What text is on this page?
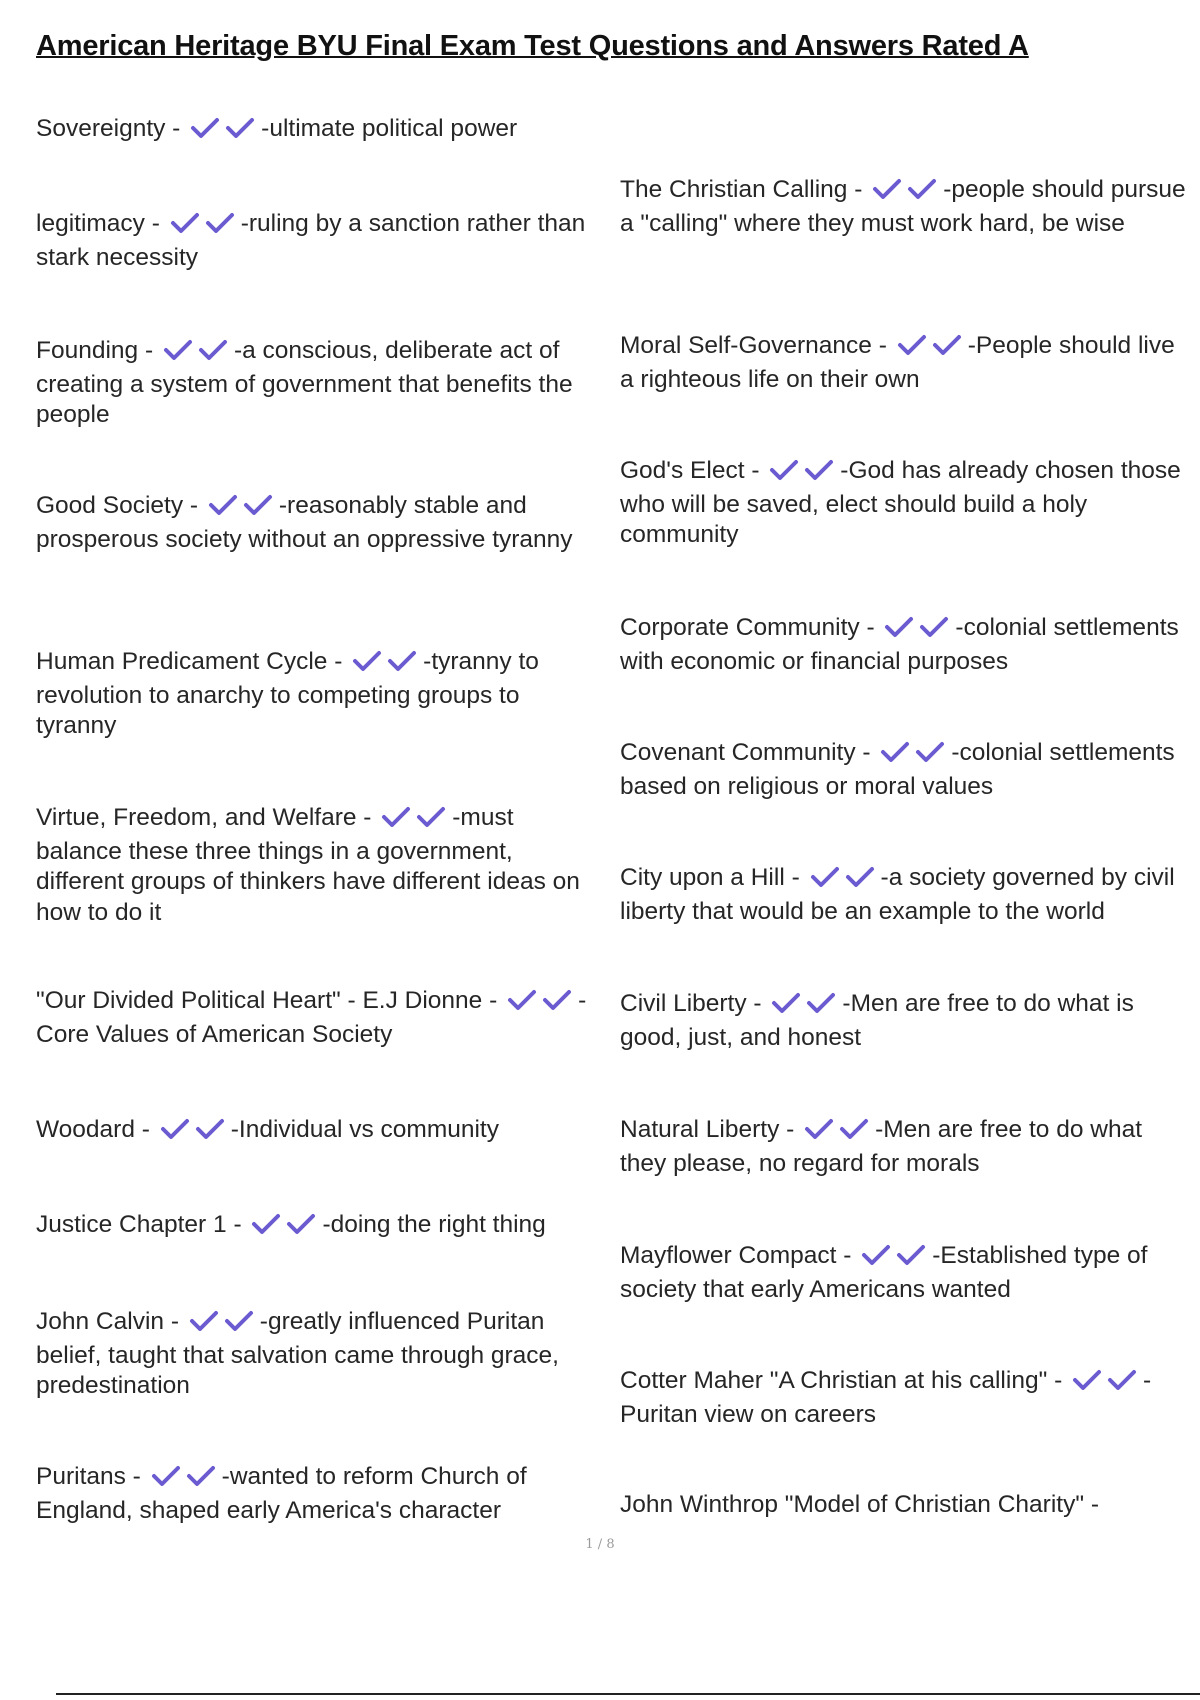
American Heritage BYU Final Exam Test Questions and Answers Rated A
Sovereignty -	-ultimate political power
legitimacy -	-ruling by a sanction rather than stark necessity
Founding -	-a conscious, deliberate act of creating a system of government that benefits the people
Good Society -	-reasonably stable and prosperous society without an oppressive tyranny
Human Predicament Cycle -	-tyranny to revolution to anarchy to competing groups to tyranny
Virtue, Freedom, and Welfare -	-must balance these three things in a government, different groups of thinkers have different ideas on how to do it
"Our Divided Political Heart" - E.J Dionne -	-Core Values of American Society
Woodard -	-Individual vs community
Justice Chapter 1 -	-doing the right thing
John Calvin -	-greatly influenced Puritan belief, taught that salvation came through grace, predestination
Puritans -	-wanted to reform Church of England, shaped early America's character
The Christian Calling -	-people should pursue a "calling" where they must work hard, be wise
Moral Self-Governance -	-People should live a righteous life on their own
God's Elect -	-God has already chosen those who will be saved, elect should build a holy community
Corporate Community -	-colonial settlements with economic or financial purposes
Covenant Community -	-colonial settlements based on religious or moral values
City upon a Hill -	-a society governed by civil liberty that would be an example to the world
Civil Liberty -	-Men are free to do what is good, just, and honest
Natural Liberty -	-Men are free to do what they please, no regard for morals
Mayflower Compact -	-Established type of society that early Americans wanted
Cotter Maher "A Christian at his calling" -	-Puritan view on careers
John Winthrop "Model of Christian Charity" -
1 / 8
